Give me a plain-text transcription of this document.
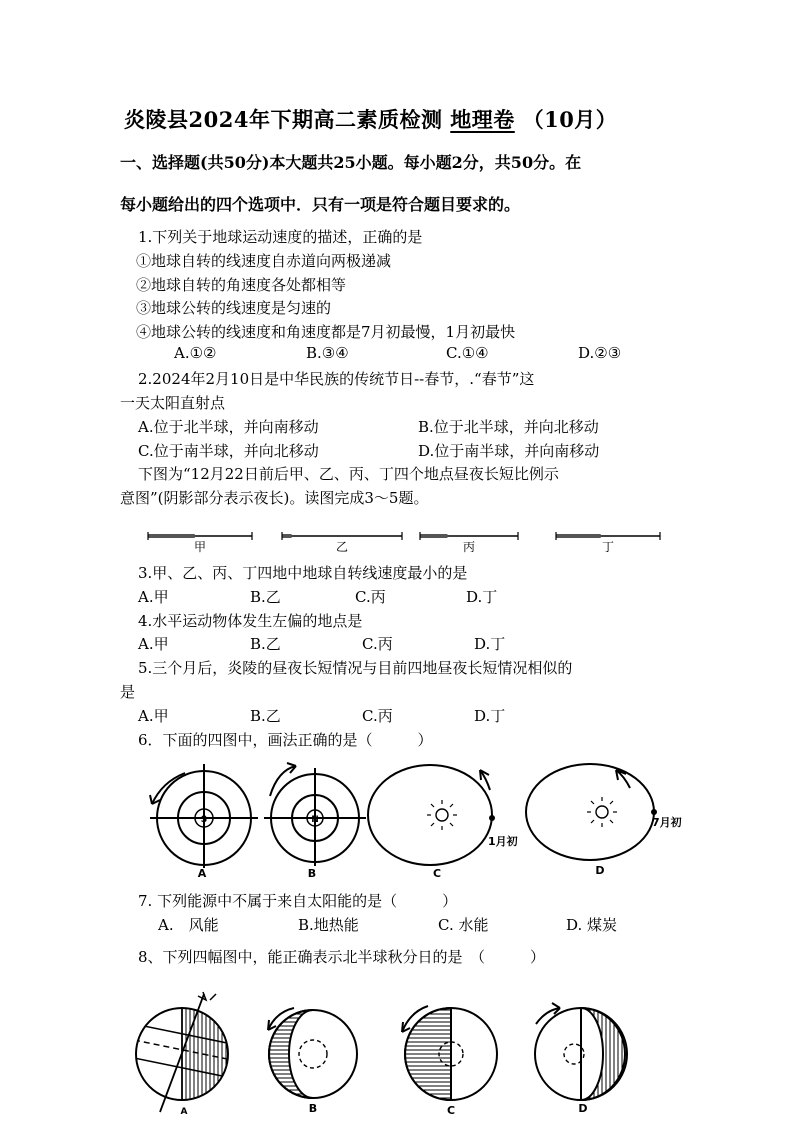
炎陵县2024年下期高二素质检测 地理卷 （10月）
一、选择题(共50分)本大题共25小题。每小题2分，共50分。在
每小题给出的四个选项中．只有一项是符合题目要求的。
1.下列关于地球运动速度的描述，正确的是
①地球自转的线速度自赤道向两极递减
②地球自转的角速度各处都相等
③地球公转的线速度是匀速的
④地球公转的线速度和角速度都是7月初最慢，1月初最快
A.①②	B.③④	C.①④	D.②③
2.2024年2月10日是中华民族的传统节日--春节，.“春节”这
一天太阳直射点
A.位于北半球，并向南移动	B.位于北半球，并向北移动
C.位于南半球，并向北移动	D.位于南半球，并向南移动
下图为“12月22日前后甲、乙、丙、丁四个地点昼夜长短比例示
意图”(阴影部分表示夜长)。读图完成3～5题。
甲	乙	丙	丁
3.甲、乙、丙、丁四地中地球自转线速度最小的是
A.甲	B.乙	C.丙	D.丁
4.水平运动物体发生左偏的地点是
A.甲	B.乙	C.丙	D.丁
5.三个月后，炎陵的昼夜长短情况与目前四地昼夜长短情况相似的
是
A.甲	B.乙	C.丙	D.丁
6．下面的四图中，画法正确的是（　　　）
S
A
N
B
1月初
C
7月初
D
7. 下列能源中不属于来自太阳能的是（　　　）
A.　风能	B.地热能	C. 水能	D. 煤炭
8、下列四幅图中，能正确表示北半球秋分日的是　（　　　）
A	B	C	D
